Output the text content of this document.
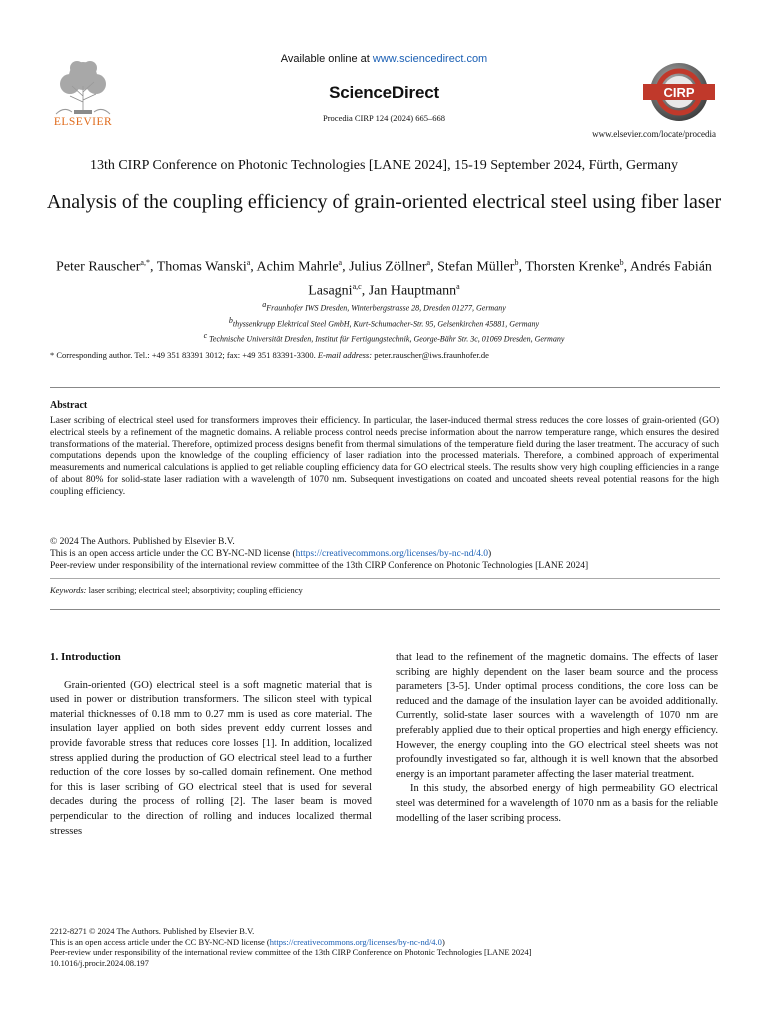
Available online at www.sciencedirect.com
ScienceDirect
Procedia CIRP 124 (2024) 665–668
ELSEVIER
CIRP
www.elsevier.com/locate/procedia
13th CIRP Conference on Photonic Technologies [LANE 2024], 15-19 September 2024, Fürth, Germany
Analysis of the coupling efficiency of grain-oriented electrical steel using fiber laser
Peter Rauscher$^{a,*}$, Thomas Wanski$^a$, Achim Mahrle$^a$, Julius Zöllner$^a$, Stefan Müller$^b$, Thorsten Krenke$^b$, Andrés Fabián Lasagni$^{a,c}$, Jan Hauptmann$^a$
$^a$Fraunhofer IWS Dresden, Winterbergstrasse 28, Dresden 01277, Germany
$^b$thyssenkrupp Elektrical Steel GmbH, Kurt-Schumacher-Str. 95, Gelsenkirchen 45881, Germany
$^c$ Technische Universität Dresden, Institut für Fertigungstechnik, George-Bähr Str. 3c, 01069 Dresden, Germany
* Corresponding author. Tel.: +49 351 83391 3012; fax: +49 351 83391-3300. E-mail address: peter.rauscher@iws.fraunhofer.de
Abstract
Laser scribing of electrical steel used for transformers improves their efficiency. In particular, the laser-induced thermal stress reduces the core losses of grain-oriented (GO) electrical steels by a refinement of the magnetic domains. A reliable process control needs precise information about the narrow temperature range, which ensures the desired transformations of the material. Therefore, optimized process designs benefit from thermal simulations of the temperature field during the laser treatment. The accuracy of such computations depends upon the knowledge of the coupling efficiency of laser radiation into the processed materials. Therefore, a combined approach of experimental measurements and numerical calculations is applied to get reliable coupling efficiency data for GO electrical steels. The results show very high coupling efficiencies in a range of about 80% for solid-state laser radiation with a wavelength of 1070 nm. Subsequent investigations on coated and uncoated sheets reveal potential reasons for the high coupling efficiency.
© 2024 The Authors. Published by Elsevier B.V.
This is an open access article under the CC BY-NC-ND license (https://creativecommons.org/licenses/by-nc-nd/4.0)
Peer-review under responsibility of the international review committee of the 13th CIRP Conference on Photonic Technologies [LANE 2024]
Keywords: laser scribing; electrical steel; absorptivity; coupling efficiency

1. Introduction

Grain-oriented (GO) electrical steel is a soft magnetic material that is used in power or distribution transformers. The silicon steel with typical material thicknesses of 0.18 mm to 0.27 mm is used as core material. The insulation layer applied on both sides prevent eddy current losses and provide favorable stress that reduces core losses [1]. In addition, localized stress applied during the production of GO electrical steel lead to a further reduction of the core losses by so-called domain refinement. One method for this is laser scribing of GO electrical steel that is used for several decades during the process of rolling [2]. The laser beam is moved perpendicular to the direction of rolling and induces localized thermal stresses

that lead to the refinement of the magnetic domains. The effects of laser scribing are highly dependent on the laser beam source and the process parameters [3-5]. Under optimal process conditions, the core loss can be reduced and the damage of the insulation layer can be avoided additionally. Currently, solid-state laser sources with a wavelength of 1070 nm are preferably applied due to their optical properties and high energy efficiency. However, the energy coupling into the GO electrical steel sheets was not profoundly investigated so far, although it is well known that the absorbed energy is an important parameter affecting the laser material treatment.

In this study, the absorbed energy of high permeability GO electrical steel was determined for a wavelength of 1070 nm as a basis for the reliable modelling of the laser scribing process.

2212-8271 © 2024 The Authors. Published by Elsevier B.V.
This is an open access article under the CC BY-NC-ND license (https://creativecommons.org/licenses/by-nc-nd/4.0)
Peer-review under responsibility of the international review committee of the 13th CIRP Conference on Photonic Technologies [LANE 2024]
10.1016/j.procir.2024.08.197
